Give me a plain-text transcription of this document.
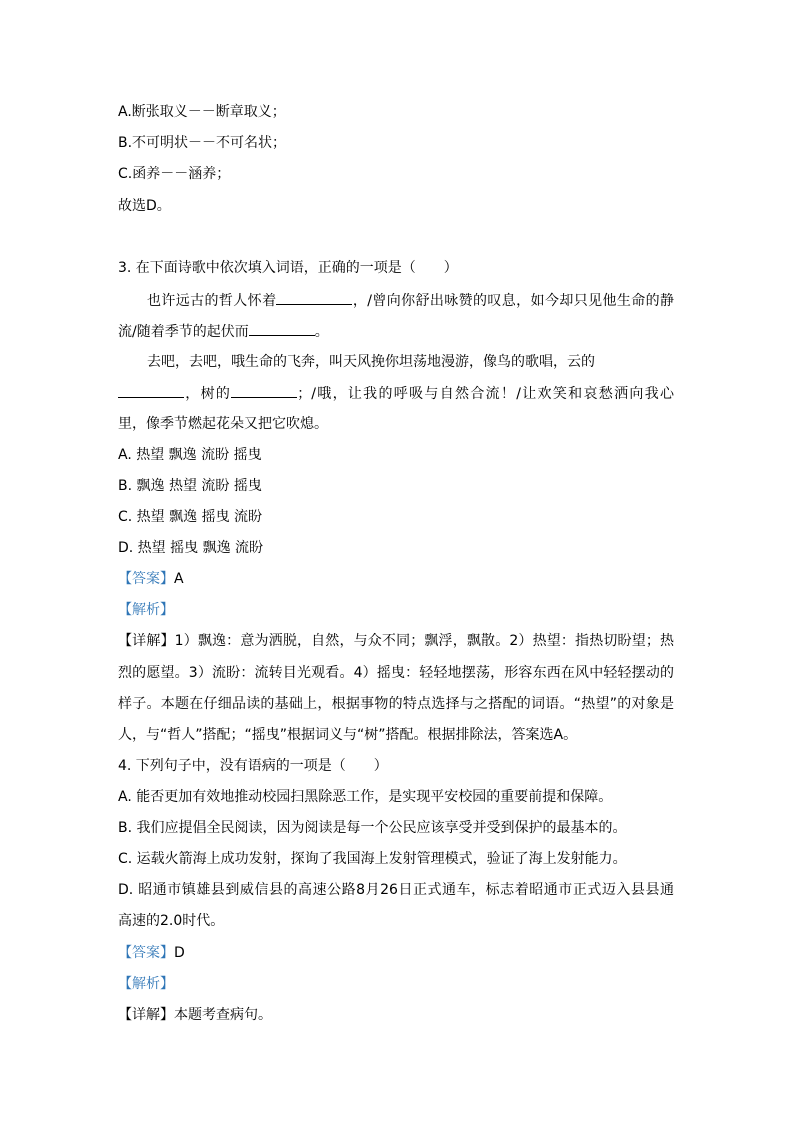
A.断张取义－－断章取义；
B.不可明状－－不可名状；
C.函养－－涵养；
故选D。
3. 在下面诗歌中依次填入词语，正确的一项是（　　）
也许远古的哲人怀着	，/曾向你舒出咏赞的叹息，如今却只见他生命的静
流/随着季节的起伏而	。
去吧，去吧，哦生命的飞奔，叫天风挽你坦荡地漫游，像鸟的歌唱，云的
，树的	；/哦，让我的呼吸与自然合流！/让欢笑和哀愁洒向我心
里，像季节燃起花朵又把它吹熄。
A. 热望 飘逸 流盼 摇曳
B. 飘逸 热望 流盼 摇曳
C. 热望 飘逸 摇曳 流盼
D. 热望 摇曳 飘逸 流盼
【答案】A
【解析】
【详解】1）飘逸：意为洒脱，自然，与众不同；飘浮，飘散。2）热望：指热切盼望；热
烈的愿望。3）流盼：流转目光观看。4）摇曳：轻轻地摆荡，形容东西在风中轻轻摆动的
样子。本题在仔细品读的基础上，根据事物的特点选择与之搭配的词语。“热望”的对象是
人，与“哲人”搭配；“摇曳”根据词义与“树”搭配。根据排除法，答案选A。
4. 下列句子中，没有语病的一项是（　　）
A. 能否更加有效地推动校园扫黑除恶工作，是实现平安校园的重要前提和保障。
B. 我们应提倡全民阅读，因为阅读是每一个公民应该享受并受到保护的最基本的。
C. 运载火箭海上成功发射，探询了我国海上发射管理模式，验证了海上发射能力。
D. 昭通市镇雄县到威信县的高速公路8月26日正式通车，标志着昭通市正式迈入县县通
高速的2.0时代。
【答案】D
【解析】
【详解】本题考查病句。
